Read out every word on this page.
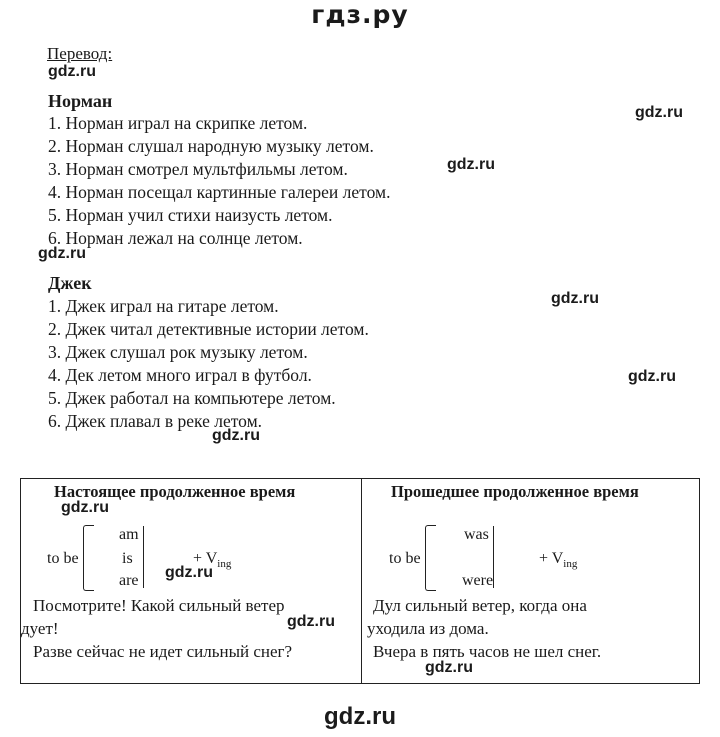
гдз.ру
Перевод:
gdz.ru
Норман
1. Норман играл на скрипке летом.
2. Норман слушал народную музыку летом.
3. Норман смотрел мультфильмы летом.
4. Норман посещал картинные галереи летом.
5. Норман учил стихи наизусть летом.
6. Норман лежал на солнце летом.
gdz.ru
gdz.ru
gdz.ru
Джек
1. Джек играл на гитаре летом.
2. Джек читал детективные истории летом.
3. Джек слушал рок музыку летом.
4. Дек летом много играл в футбол.
5. Джек работал на компьютере летом.
6. Джек плавал в реке летом.
gdz.ru
gdz.ru
gdz.ru
Настоящее продолженное время
gdz.ru
to be
am
is
are
+ $V_{ing}$
gdz.ru
Посмотрите! Какой сильный ветер
дует!	gdz.ru
Разве сейчас не идет сильный снег?
Прошедшее продолженное время
to be
was
were
+ $V_{ing}$
Дул сильный ветер, когда она
уходила из дома.
Вчера в пять часов не шел снег.
gdz.ru
gdz.ru
